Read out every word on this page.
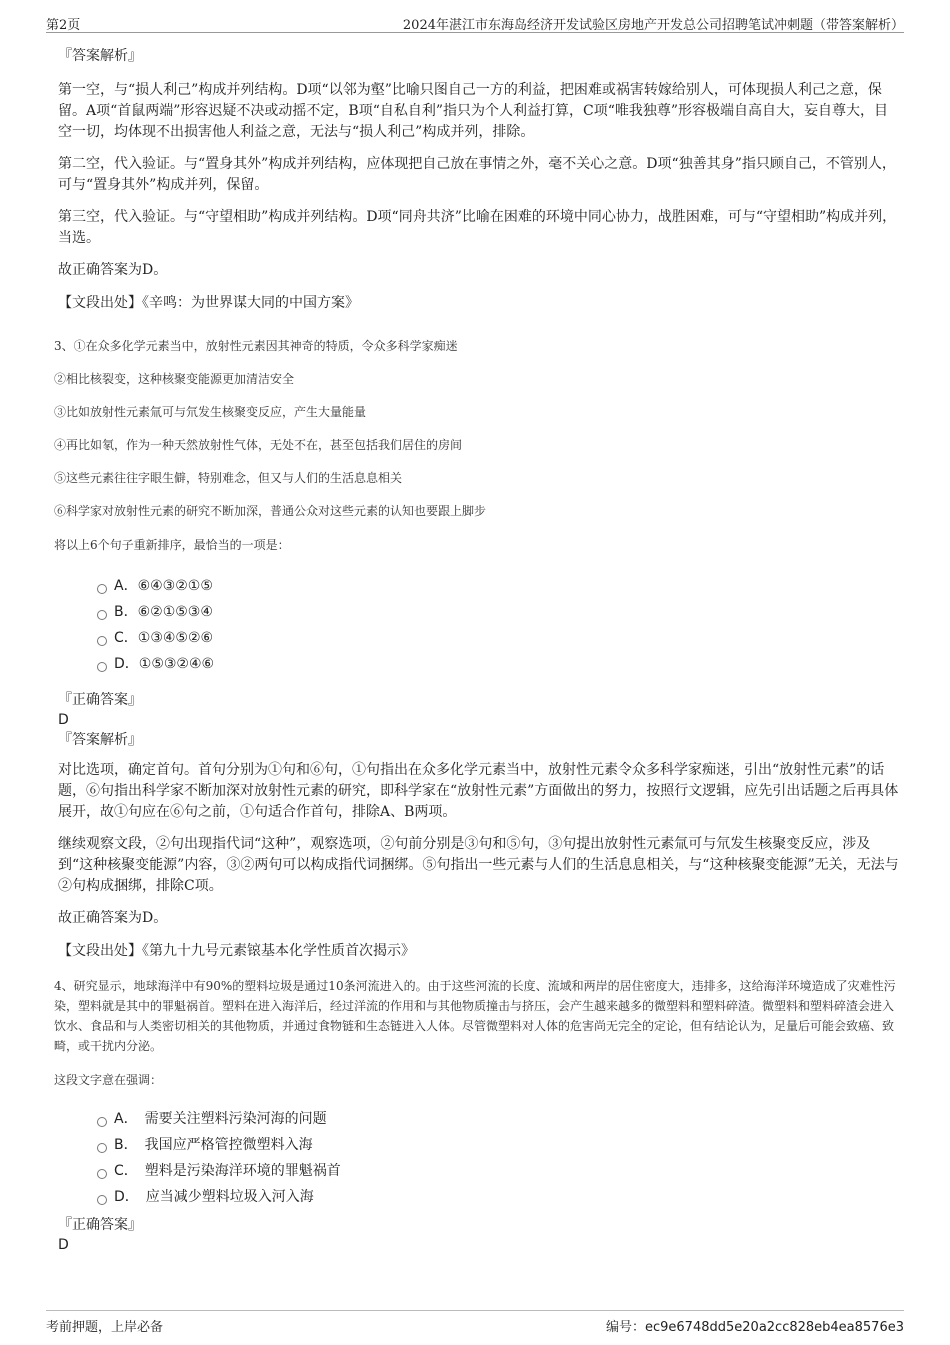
第2页	2024年湛江市东海岛经济开发试验区房地产开发总公司招聘笔试冲刺题（带答案解析）

『答案解析』

第一空，与“损人利己”构成并列结构。D项“以邻为壑”比喻只图自己一方的利益，把困难或祸害转嫁给别人，可体现损人利己之意，保留。A项“首鼠两端”形容迟疑不决或动摇不定，B项“自私自利”指只为个人利益打算，C项“唯我独尊”形容极端自高自大，妄自尊大，目空一切，均体现不出损害他人利益之意，无法与“损人利己”构成并列，排除。

第二空，代入验证。与“置身其外”构成并列结构，应体现把自己放在事情之外，毫不关心之意。D项“独善其身”指只顾自己，不管别人，可与“置身其外”构成并列，保留。

第三空，代入验证。与“守望相助”构成并列结构。D项“同舟共济”比喻在困难的环境中同心协力，战胜困难，可与“守望相助”构成并列，当选。

故正确答案为D。

【文段出处】《辛鸣：为世界谋大同的中国方案》

3、①在众多化学元素当中，放射性元素因其神奇的特质，令众多科学家痴迷

②相比核裂变，这种核聚变能源更加清洁安全

③比如放射性元素氚可与氘发生核聚变反应，产生大量能量

④再比如氡，作为一种天然放射性气体，无处不在，甚至包括我们居住的房间

⑤这些元素往往字眼生僻，特别难念，但又与人们的生活息息相关

⑥科学家对放射性元素的研究不断加深，普通公众对这些元素的认知也要跟上脚步

将以上6个句子重新排序，最恰当的一项是：

A．⑥④③②①⑤
B．⑥②①⑤③④
C．①③④⑤②⑥
D．①⑤③②④⑥

『正确答案』

D

『答案解析』

对比选项，确定首句。首句分别为①句和⑥句，①句指出在众多化学元素当中，放射性元素令众多科学家痴迷，引出“放射性元素”的话题，⑥句指出科学家不断加深对放射性元素的研究，即科学家在“放射性元素”方面做出的努力，按照行文逻辑，应先引出话题之后再具体展开，故①句应在⑥句之前，①句适合作首句，排除A、B两项。

继续观察文段，②句出现指代词“这种”，观察选项，②句前分别是③句和⑤句，③句提出放射性元素氚可与氘发生核聚变反应，涉及到“这种核聚变能源”内容，③②两句可以构成指代词捆绑。⑤句指出一些元素与人们的生活息息相关，与“这种核聚变能源”无关，无法与②句构成捆绑，排除C项。

故正确答案为D。

【文段出处】《第九十九号元素锿基本化学性质首次揭示》

4、研究显示，地球海洋中有90%的塑料垃圾是通过10条河流进入的。由于这些河流的长度、流域和两岸的居住密度大，违排多，这给海洋环境造成了灾难性污染，塑料就是其中的罪魁祸首。塑料在进入海洋后，经过洋流的作用和与其他物质撞击与挤压，会产生越来越多的微塑料和塑料碎渣。微塑料和塑料碎渣会进入饮水、食品和与人类密切相关的其他物质，并通过食物链和生态链进入人体。尽管微塑料对人体的危害尚无完全的定论，但有结论认为，足量后可能会致癌、致畸，或干扰内分泌。

这段文字意在强调：

A．　需要关注塑料污染河海的问题
B．　我国应严格管控微塑料入海
C．　塑料是污染海洋环境的罪魁祸首
D．　应当减少塑料垃圾入河入海

『正确答案』

D

考前押题，上岸必备	编号：ec9e6748dd5e20a2cc828eb4ea8576e3
